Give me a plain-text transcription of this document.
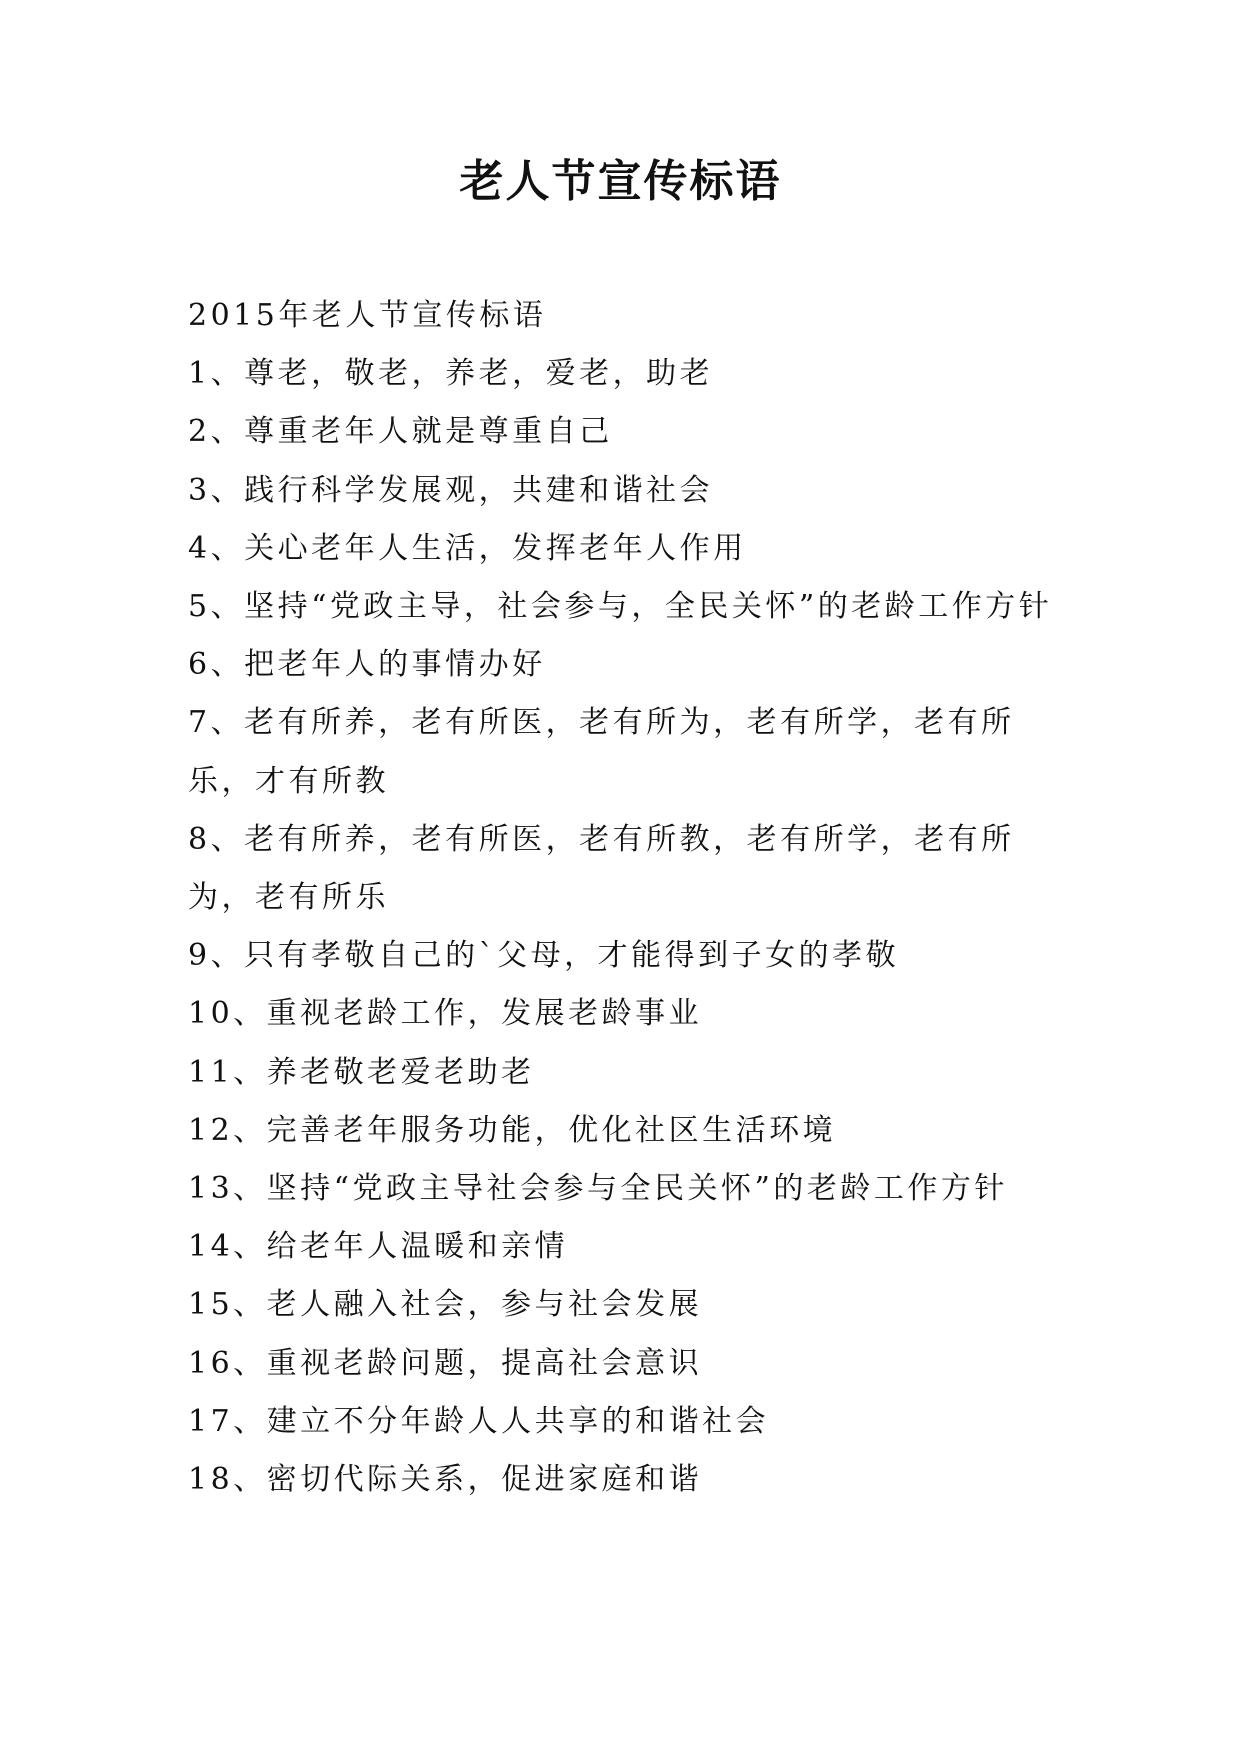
老人节宣传标语
2015年老人节宣传标语
1、尊老，敬老，养老，爱老，助老
2、尊重老年人就是尊重自己
3、践行科学发展观，共建和谐社会
4、关心老年人生活，发挥老年人作用
5、坚持“党政主导，社会参与，全民关怀”的老龄工作方针
6、把老年人的事情办好
7、老有所养，老有所医，老有所为，老有所学，老有所乐，才有所教
8、老有所养，老有所医，老有所教，老有所学，老有所为，老有所乐
9、只有孝敬自己的`父母，才能得到子女的孝敬
10、重视老龄工作，发展老龄事业
11、养老敬老爱老助老
12、完善老年服务功能，优化社区生活环境
13、坚持“党政主导社会参与全民关怀”的老龄工作方针
14、给老年人温暖和亲情
15、老人融入社会，参与社会发展
16、重视老龄问题，提高社会意识
17、建立不分年龄人人共享的和谐社会
18、密切代际关系，促进家庭和谐
